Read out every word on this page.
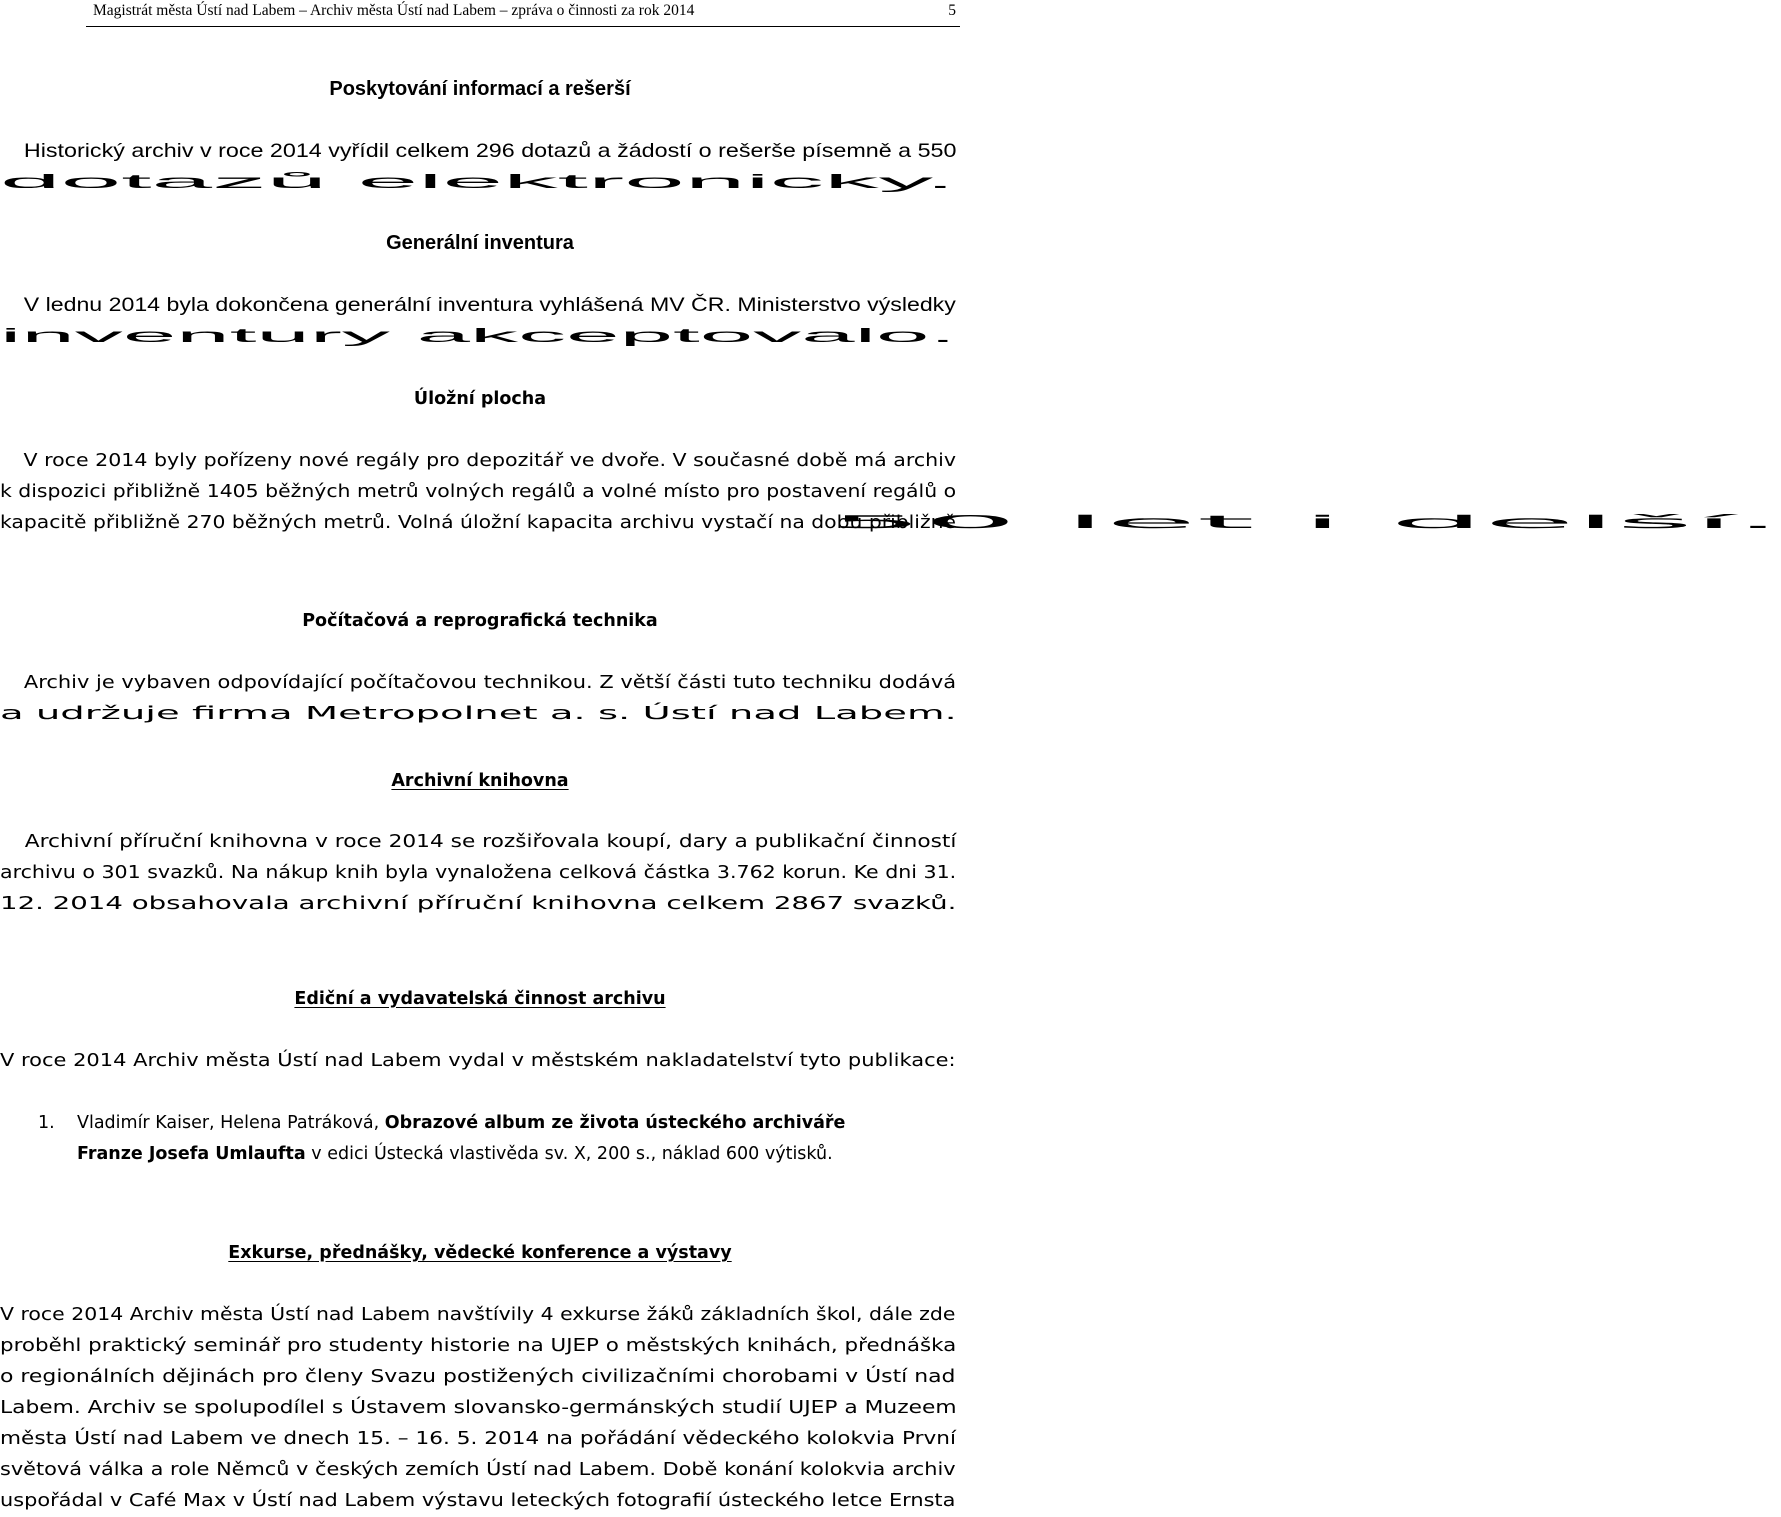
Magistrát města Ústí nad Labem – Archiv města Ústí nad Labem – zpráva o činnosti za rok 2014	5
Poskytování informací a rešerší
Historický archiv v roce 2014 vyřídil celkem 296 dotazů a žádostí o rešerše písemně a 550 dotazů elektronicky.
Generální inventura
V lednu 2014 byla dokončena generální inventura vyhlášená MV ČR. Ministerstvo výsledky inventury akceptovalo.
Úložní plocha
V roce 2014 byly pořízeny nové regály pro depozitář ve dvoře. V současné době má archiv k dispozici přibližně 1405 běžných metrů volných regálů a volné místo pro postavení regálů o kapacitě přibližně 270 běžných metrů. Volná úložní kapacita archivu vystačí na dobu přibližně 50 let i delší.
Počítačová a reprografická technika
Archiv je vybaven odpovídající počítačovou technikou. Z větší části tuto techniku dodává a udržuje firma Metropolnet a. s. Ústí nad Labem.
Archivní knihovna
Archivní příruční knihovna v roce 2014 se rozšiřovala koupí, dary a publikační činností archivu o 301 svazků. Na nákup knih byla vynaložena celková částka 3.762 korun. Ke dni 31. 12. 2014 obsahovala archivní příruční knihovna celkem 2867 svazků.
Ediční a vydavatelská činnost archivu
V roce 2014 Archiv města Ústí nad Labem vydal v městském nakladatelství tyto publikace:
1. Vladimír Kaiser, Helena Patráková, Obrazové album ze života ústeckého archiváře
Franze Josefa Umlaufta v edici Ústecká vlastivěda sv. X, 200 s., náklad 600 výtisků.
Exkurse, přednášky, vědecké konference a výstavy
V roce 2014 Archiv města Ústí nad Labem navštívily 4 exkurse žáků základních škol, dále zde proběhl praktický seminář pro studenty historie na UJEP o městských knihách, přednáška o regionálních dějinách pro členy Svazu postižených civilizačními chorobami v Ústí nad Labem. Archiv se spolupodílel s Ústavem slovansko-germánských studií UJEP a Muzeem města Ústí nad Labem ve dnech 15. – 16. 5. 2014 na pořádání vědeckého kolokvia První světová válka a role Němců v českých zemích Ústí nad Labem. Době konání kolokvia archiv uspořádal v Café Max v Ústí nad Labem výstavu leteckých fotografií ústeckého letce Ernsta
